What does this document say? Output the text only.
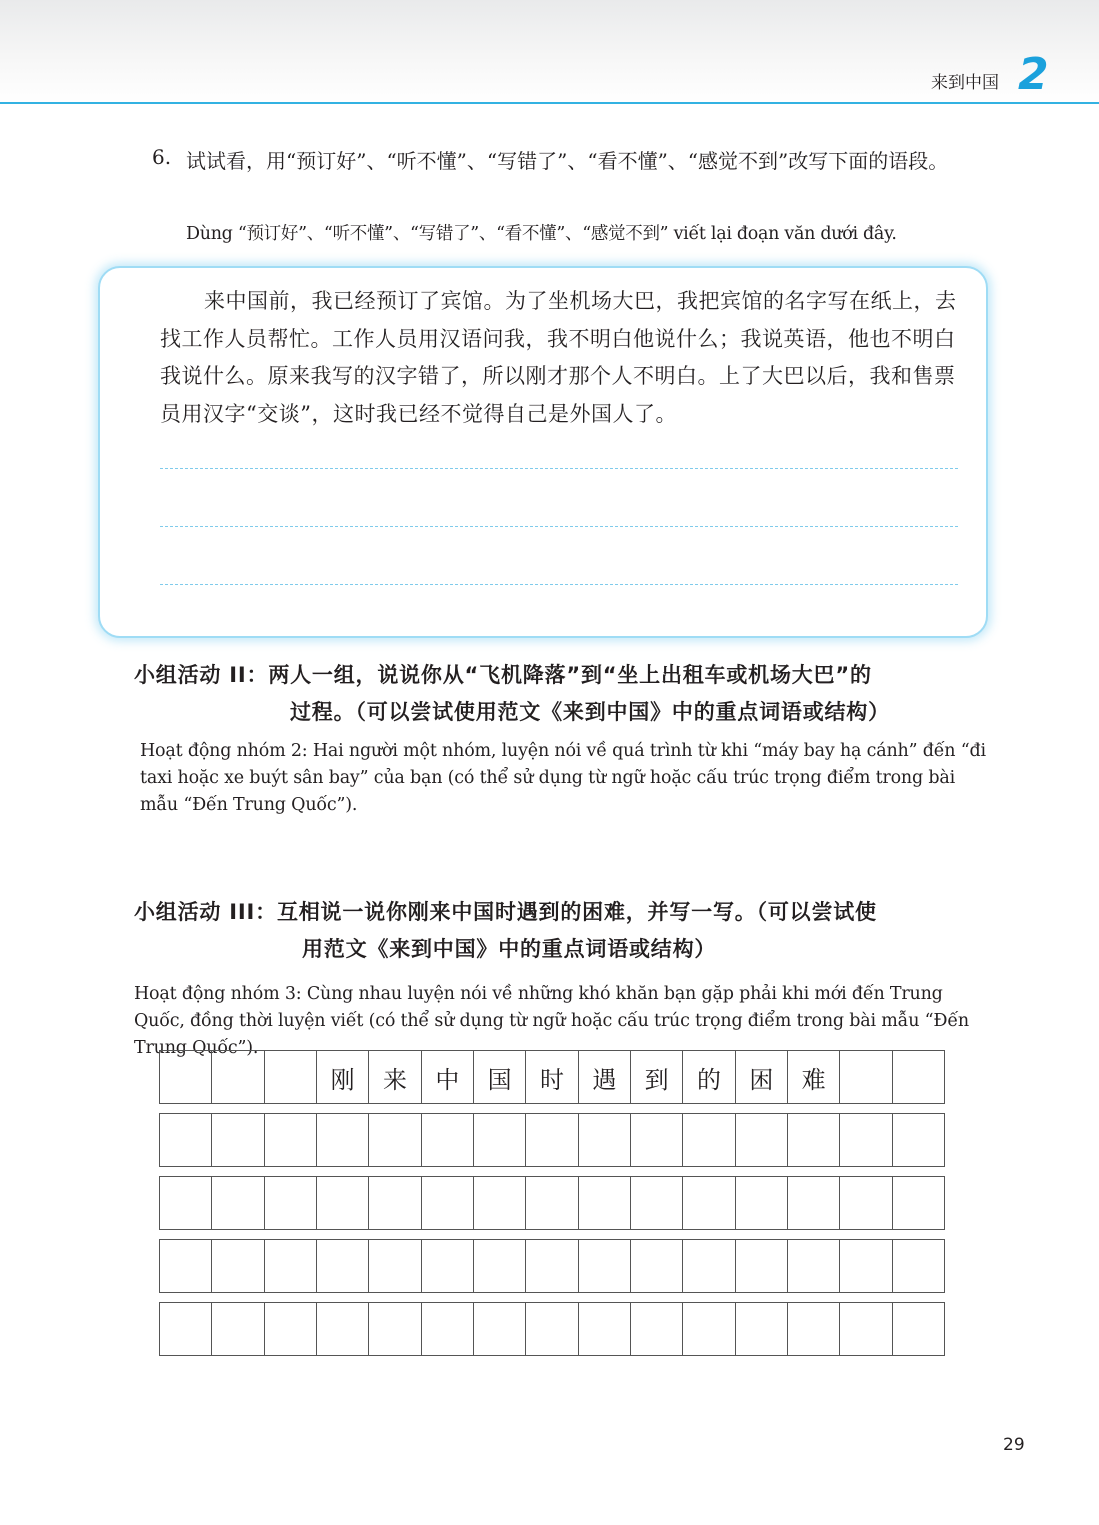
来到中国 2
6. 试试看，用“预订好”、“听不懂”、“写错了”、“看不懂”、“感觉不到”改写下面的语段。
Dùng “预订好”、“听不懂”、“写错了”、“看不懂”、“感觉不到” viết lại đoạn văn dưới đây.
来中国前，我已经预订了宾馆。为了坐机场大巴，我把宾馆的名字写在纸上，去找工作人员帮忙。工作人员用汉语问我，我不明白他说什么；我说英语，他也不明白我说什么。原来我写的汉字错了，所以刚才那个人不明白。上了大巴以后，我和售票员用汉字“交谈”，这时我已经不觉得自己是外国人了。
小组活动 II：两人一组，说说你从“飞机降落”到“坐上出租车或机场大巴”的
过程。（可以尝试使用范文《来到中国》中的重点词语或结构）
Hoạt động nhóm 2: Hai người một nhóm, luyện nói về quá trình từ khi “máy bay hạ cánh” đến “đi taxi hoặc xe buýt sân bay” của bạn (có thể sử dụng từ ngữ hoặc cấu trúc trọng điểm trong bài mẫu “Đến Trung Quốc”).
小组活动 III：互相说一说你刚来中国时遇到的困难，并写一写。（可以尝试使
用范文《来到中国》中的重点词语或结构）
Hoạt động nhóm 3: Cùng nhau luyện nói về những khó khăn bạn gặp phải khi mới đến Trung Quốc, đồng thời luyện viết (có thể sử dụng từ ngữ hoặc cấu trúc trọng điểm trong bài mẫu “Đến Trung Quốc”).
刚	来	中	国	时	遇	到	的	困	难
29
